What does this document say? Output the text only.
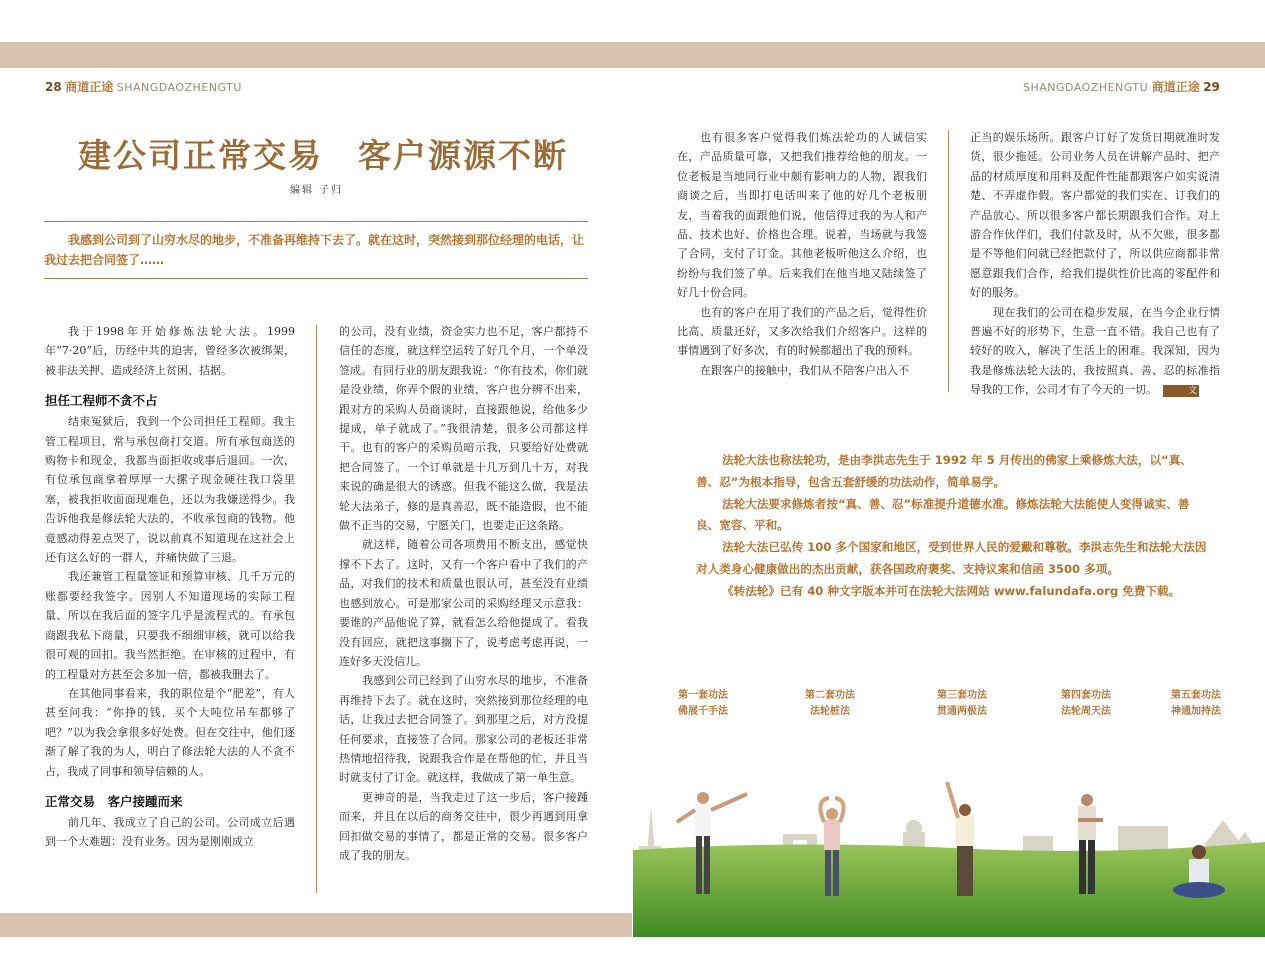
28 商道正途 SHANGDAOZHENGTU	SHANGDAOZHENGTU 商道正途 29
建公司正常交易　客户源源不断
编辑 子归

我感到公司到了山穷水尽的地步，不准备再维持下去了。就在这时，突然接到那位经理的电话，让我过去把合同签了……

我于1998年开始修炼法轮大法。1999年“7·20”后，历经中共的迫害，曾经多次被绑架，被非法关押、造成经济上贫困、拮据。

担任工程师不贪不占

结束冤狱后，我到一个公司担任工程师。我主管工程项目，常与承包商打交道。所有承包商送的购物卡和现金，我都当面拒收或事后退回。一次，有位承包商拿着厚厚一大摞子现金硬往我口袋里塞，被我拒收面面现难色，还以为我嫌送得少。我告诉他我是修法轮大法的，不收承包商的钱物。他竟感动得差点哭了，说以前真不知道现在这社会上还有这么好的一群人，并痛快做了三退。

我还兼管工程量签证和预算审核、几千万元的账都要经我签字。因别人不知道现场的实际工程量、所以在我后面的签字几乎是流程式的。有承包商跟我私下商量，只要我不细细审核，就可以给我很可观的回扣。我当然拒绝。在审核的过程中，有的工程量对方甚至会多加一倍，都被我删去了。

在其他同事看来，我的职位是个“肥差”，有人甚至问我：“你挣的钱，买个大吨位吊车都够了吧？”以为我会拿很多好处费。但在交往中，他们逐渐了解了我的为人，明白了修法轮大法的人不贪不占，我成了同事和领导信赖的人。

正常交易　客户接踵而来

前几年、我成立了自己的公司。公司成立后遇到一个大难题：没有业务。因为是刚刚成立

的公司，没有业绩，资金实力也不足，客户都持不信任的态度，就这样空运转了好几个月，一个单没签成。有同行业的朋友跟我说：“你有技术，你们就是没业绩，你弄个假的业绩，客户也分辨不出来，跟对方的采购人员商谈时，直接跟他说，给他多少提成，单子就成了。”我很清楚，很多公司都这样干。也有的客户的采购员暗示我，只要给好处费就把合同签了。一个订单就是十几万到几十万，对我来说的确是很大的诱惑。但我不能这么做，我是法轮大法弟子，修的是真善忍，既不能造假，也不能做不正当的交易，宁愿关门，也要走正这条路。

就这样，随着公司各项费用不断支出，感觉快撑不下去了。这时，又有一个客户看中了我们的产品，对我们的技术和质量也很认可，甚至没有业绩也感到放心。可是那家公司的采购经理又示意我：要谁的产品他说了算，就看怎么给他提成了。看我没有回应，就把这事搁下了，说考虑考虑再说，一连好多天没信儿。

我感到公司已经到了山穷水尽的地步，不准备再维持下去了。就在这时，突然接到那位经理的电话，让我过去把合同签了。到那里之后，对方没提任何要求，直接签了合同。那家公司的老板还非常热情地招待我，说跟我合作是在帮他的忙，并且当时就支付了订金。就这样，我做成了第一单生意。

更神奇的是，当我走过了这一步后，客户接踵而来，并且在以后的商务交往中，很少再遇到用拿回扣做交易的事情了，都是正常的交易。很多客户成了我的朋友。

也有很多客户觉得我们炼法轮功的人诚信实在，产品质量可靠，又把我们推荐给他的朋友。一位老板是当地同行业中颇有影响力的人物，跟我们商谈之后，当即打电话叫来了他的好几个老板朋友，当着我的面跟他们说，他信得过我的为人和产品、技术也好、价格也合理。说着，当场就与我签了合同，支付了订金。其他老板听他这么介绍，也纷纷与我们签了单。后来我们在他当地又陆续签了好几十份合同。

也有的客户在用了我们的产品之后，觉得性价比高、质量还好，又多次给我们介绍客户。这样的事情遇到了好多次，有的时候都超出了我的预料。

在跟客户的接触中，我们从不陪客户出入不

正当的娱乐场所。跟客户订好了发货日期就准时发货，很少拖延。公司业务人员在讲解产品时、把产品的材质厚度和用料及配件性能都跟客户如实说清楚、不弄虚作假。客户都觉的我们实在、订我们的产品放心、所以很多客户都长期跟我们合作。对上游合作伙伴们，我们付款及时，从不欠账，很多都是不等他们问就已经把款付了，所以供应商都非常愿意跟我们合作，给我们提供性价比高的零配件和好的服务。

现在我们的公司在稳步发展，在当今企业行情普遍不好的形势下，生意一直不错。我自己也有了较好的收入，解决了生活上的困难。我深知，因为我是修炼法轮大法的，我按照真、善、忍的标准指导我的工作，公司才有了今天的一切。	文

法轮大法也称法轮功，是由李洪志先生于 1992 年 5 月传出的佛家上乘修炼大法，以“真、善、忍”为根本指导，包含五套舒缓的功法动作，简单易学。

法轮大法要求修炼者按“真、善、忍”标准提升道德水准。修炼法轮大法能使人变得诚实、善良、宽容、平和。

法轮大法已弘传 100 多个国家和地区，受到世界人民的爱戴和尊敬。李洪志先生和法轮大法因对人类身心健康做出的杰出贡献，获各国政府褒奖、支持议案和信函 3500 多项。

《转法轮》已有 40 种文字版本并可在法轮大法网站 www.falundafa.org 免费下载。

第一套功法
佛展千手法
第二套功法
法轮桩法
第三套功法
贯通两极法
第四套功法
法轮周天法
第五套功法
神通加持法
